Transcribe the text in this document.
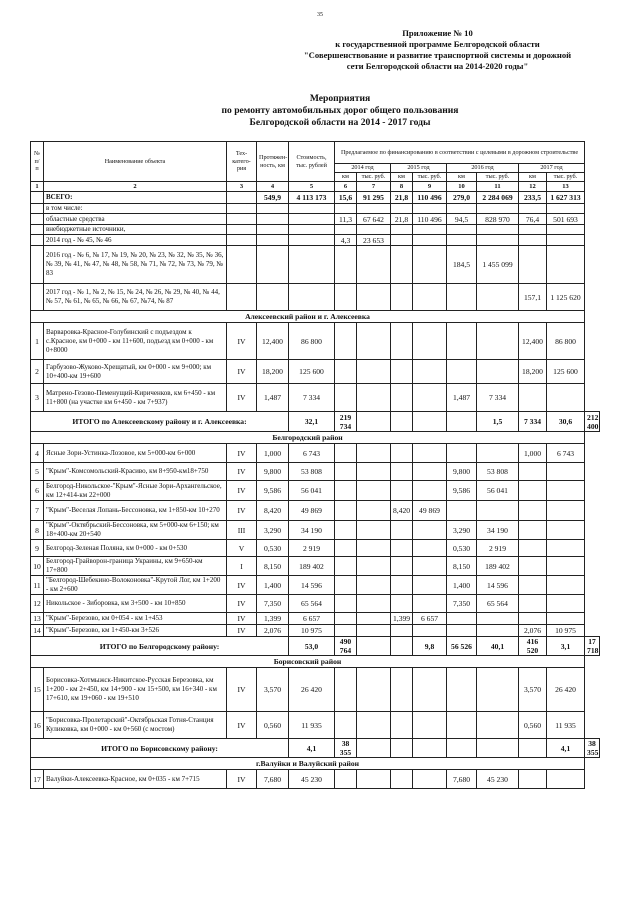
35
Приложение № 10
к государственной программе Белгородской области
"Совершенствование и развитие транспортной системы и дорожной
сети Белгородской области на 2014-2020 годы"
Мероприятия
по ремонту автомобильных дорог общего пользования
Белгородской области на 2014 - 2017 годы
№ п/п	Наименование объекта	Тех-катего-рия	Протяжен-ность, км	Стоимость, тыс. рублей	Предлагаемое по финансированию в соответствии с целевыми в дорожном строительстве								
					2014 год		2015 год		2016 год		2017 год		
					км	тыс. руб.	км	тыс. руб.	км	тыс. руб.	км	тыс. руб.	
1	2	3	4	5	6	7	8	9	10	11	12	13	
	ВСЕГО:		549,9	4 113 173	15,6	91 295	21,8	110 496	279,0	2 284 069	233,5	1 627 313	
	в том числе:												
	областные средства				11,3	67 642	21,8	110 496	94,5	828 970	76,4	501 693	
	внебюджетные источники,												
	2014 год - № 45, № 46				4,3	23 653							
	2016 год - № 6, № 17, № 19, № 20, № 23, № 32, № 35, № 36, № 39, № 41, № 47, № 48, № 58, № 71, № 72, № 73, № 79, № 83								184,5	1 455 099			
	2017 год - № 1, № 2, № 15, № 24, № 26, № 29, № 40, № 44, № 57, № 61, № 65, № 66, № 67, №74, № 87										157,1	1 125 620	
Алексеевский район и г. Алексеевка													
1	Варваровка-Красное-Голубинский с подъездом к с.Красное, км 0+000 - км 11+600, подъезд км 0+000 - км 0+8000	IV	12,400	86 800							12,400	86 800	
2	Гарбузово-Жуково-Хрещатый, км 0+000 - км 9+000; км 10+400-км 19+600	IV	18,200	125 600							18,200	125 600	
3	Матрено-Гезово-Пеменущий-Кириченков, км 6+450 - км 11+800 (на участке км 6+450 - км 7+937)	IV	1,487	7 334					1,487	7 334			
ИТОГО по Алексеевскому району и г. Алексеевка:				32,1	219 734					1,5	7 334	30,6	212 400
Белгородский район													
4	Ясные Зори-Устинка-Лозовое, км 5+000-км 6+000	IV	1,000	6 743							1,000	6 743	
5	"Крым"-Комсомольский-Красиво, км 8+950-км18+750	IV	9,800	53 808					9,800	53 808			
6	Белгород-Никольское-"Крым"-Ясные Зори-Архангельское, км 12+414-км 22+000	IV	9,586	56 041					9,586	56 041			
7	"Крым"-Веселая Лопань-Бессоновка, км 1+850-км 10+270	IV	8,420	49 869			8,420	49 869					
8	"Крым"-Октябрьский-Бессоновка, км 5+000-км 6+150; км 18+400-км 20+540	III	3,290	34 190					3,290	34 190			
9	Белгород-Зеленая Поляна, км 0+000 - км 0+530	V	0,530	2 919					0,530	2 919			
10	Белгород-Грайворон-граница Украины, км 9+650-км 17+800	I	8,150	189 402					8,150	189 402			
11	"Белгород-Шебекино-Волоконовка"-Крутой Лог, км 1+200 - км 2+600	IV	1,400	14 596					1,400	14 596			
12	Никольское - Зиборовка, км 3+500 - км 10+850	IV	7,350	65 564					7,350	65 564			
13	"Крым"-Березово, км 0+054 - км 1+453	IV	1,399	6 657			1,399	6 657					
14	"Крым"-Березово, км 1+450-км 3+526	IV	2,076	10 975							2,076	10 975	
ИТОГО по Белгородскому району:				53,0	490 764			9,8	56 526	40,1	416 520	3,1	17 718
Борисовский район													
15	Борисовка-Хотмыжск-Никитское-Русская Березовка, км 1+200 - км 2+450, км 14+900 - км 15+500, км 16+340 - км 17+610, км 19+060 - км 19+510	IV	3,570	26 420							3,570	26 420	
16	"Борисовка-Пролетарский"-Октябрьская Готня-Станция Куликовка, км 0+000 - км 0+560 (с мостом)	IV	0,560	11 935							0,560	11 935	
ИТОГО по Борисовскому району:				4,1	38 355							4,1	38 355
г.Валуйки и Валуйский район													
17	Валуйки-Алексеевка-Красное, км 0+035 - км 7+715	IV	7,680	45 230					7,680	45 230			
